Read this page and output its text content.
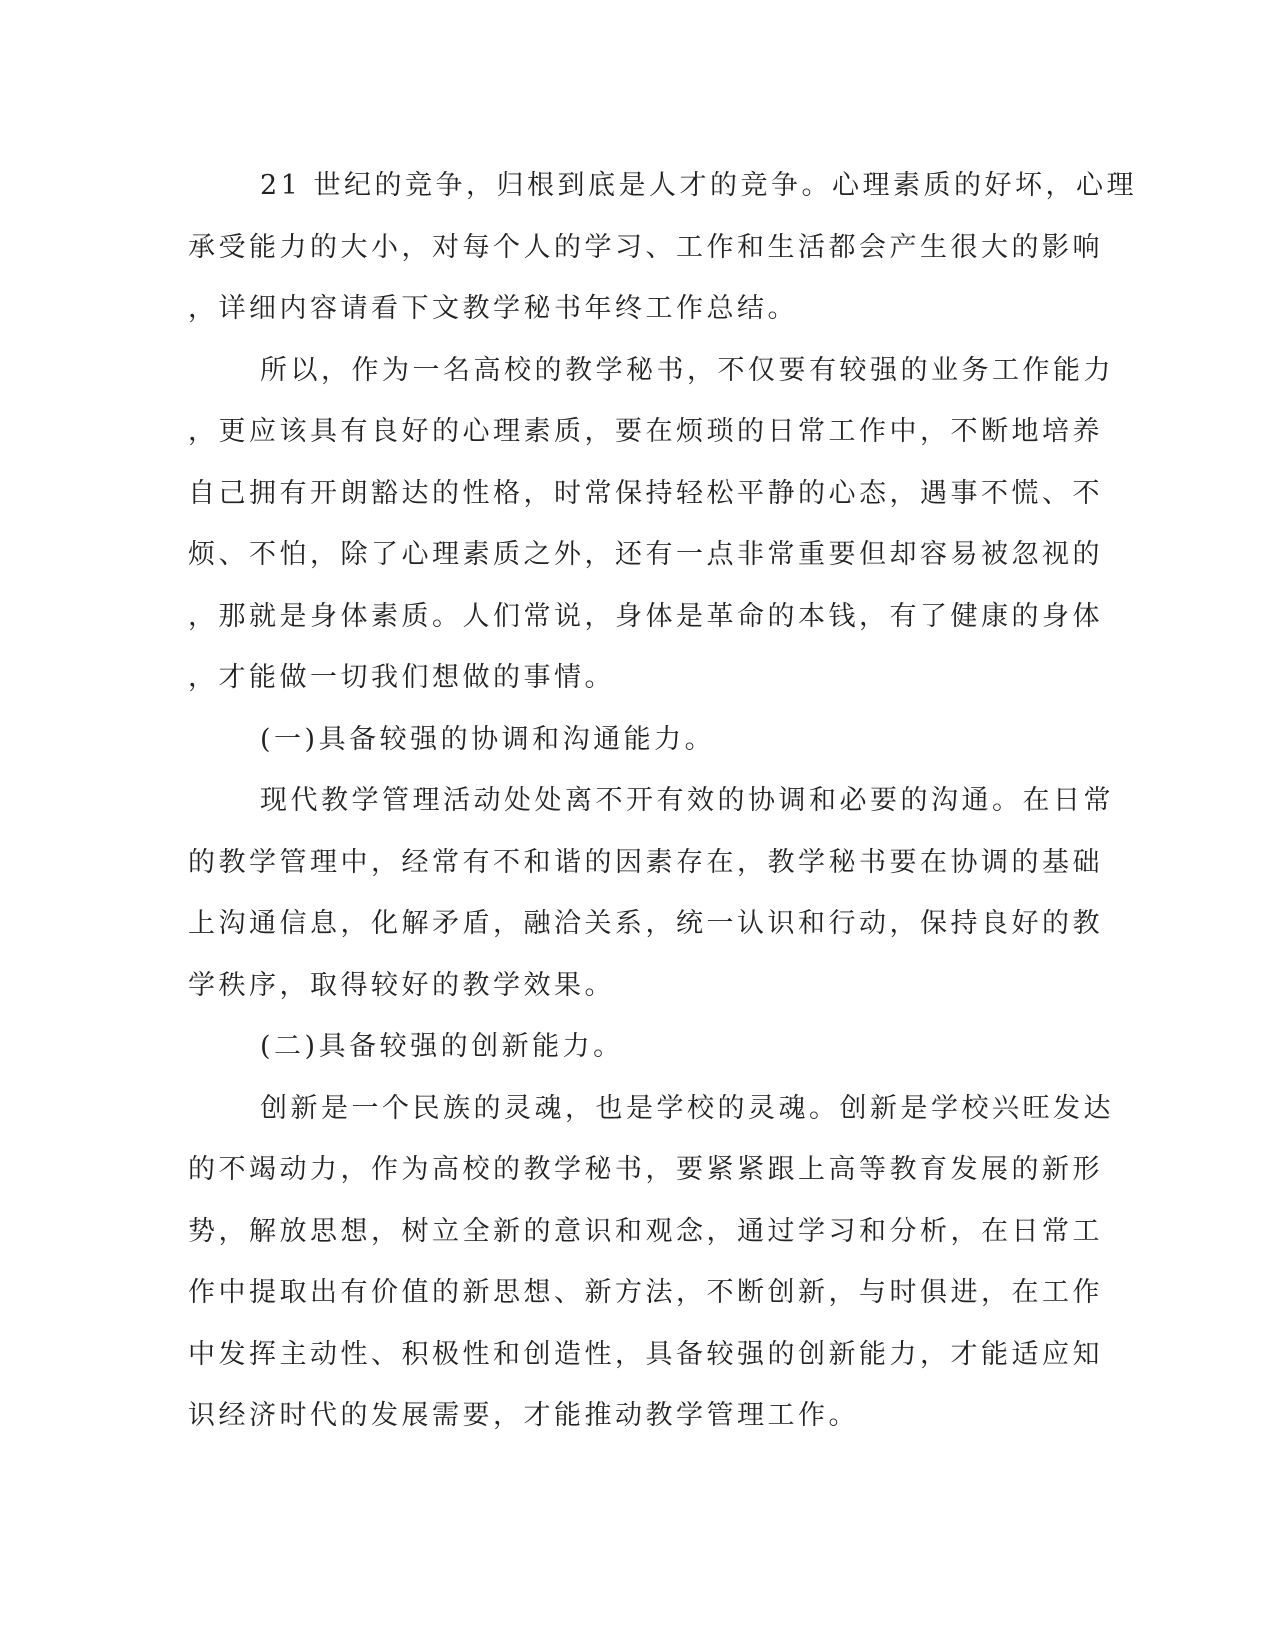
21 世纪的竞争，归根到底是人才的竞争。心理素质的好坏，心理
承受能力的大小，对每个人的学习、工作和生活都会产生很大的影响
，详细内容请看下文教学秘书年终工作总结。
所以，作为一名高校的教学秘书，不仅要有较强的业务工作能力
，更应该具有良好的心理素质，要在烦琐的日常工作中，不断地培养
自己拥有开朗豁达的性格，时常保持轻松平静的心态，遇事不慌、不
烦、不怕，除了心理素质之外，还有一点非常重要但却容易被忽视的
，那就是身体素质。人们常说，身体是革命的本钱，有了健康的身体
，才能做一切我们想做的事情。
(一)具备较强的协调和沟通能力。
现代教学管理活动处处离不开有效的协调和必要的沟通。在日常
的教学管理中，经常有不和谐的因素存在，教学秘书要在协调的基础
上沟通信息，化解矛盾，融洽关系，统一认识和行动，保持良好的教
学秩序，取得较好的教学效果。
(二)具备较强的创新能力。
创新是一个民族的灵魂，也是学校的灵魂。创新是学校兴旺发达
的不竭动力，作为高校的教学秘书，要紧紧跟上高等教育发展的新形
势，解放思想，树立全新的意识和观念，通过学习和分析，在日常工
作中提取出有价值的新思想、新方法，不断创新，与时俱进，在工作
中发挥主动性、积极性和创造性，具备较强的创新能力，才能适应知
识经济时代的发展需要，才能推动教学管理工作。
